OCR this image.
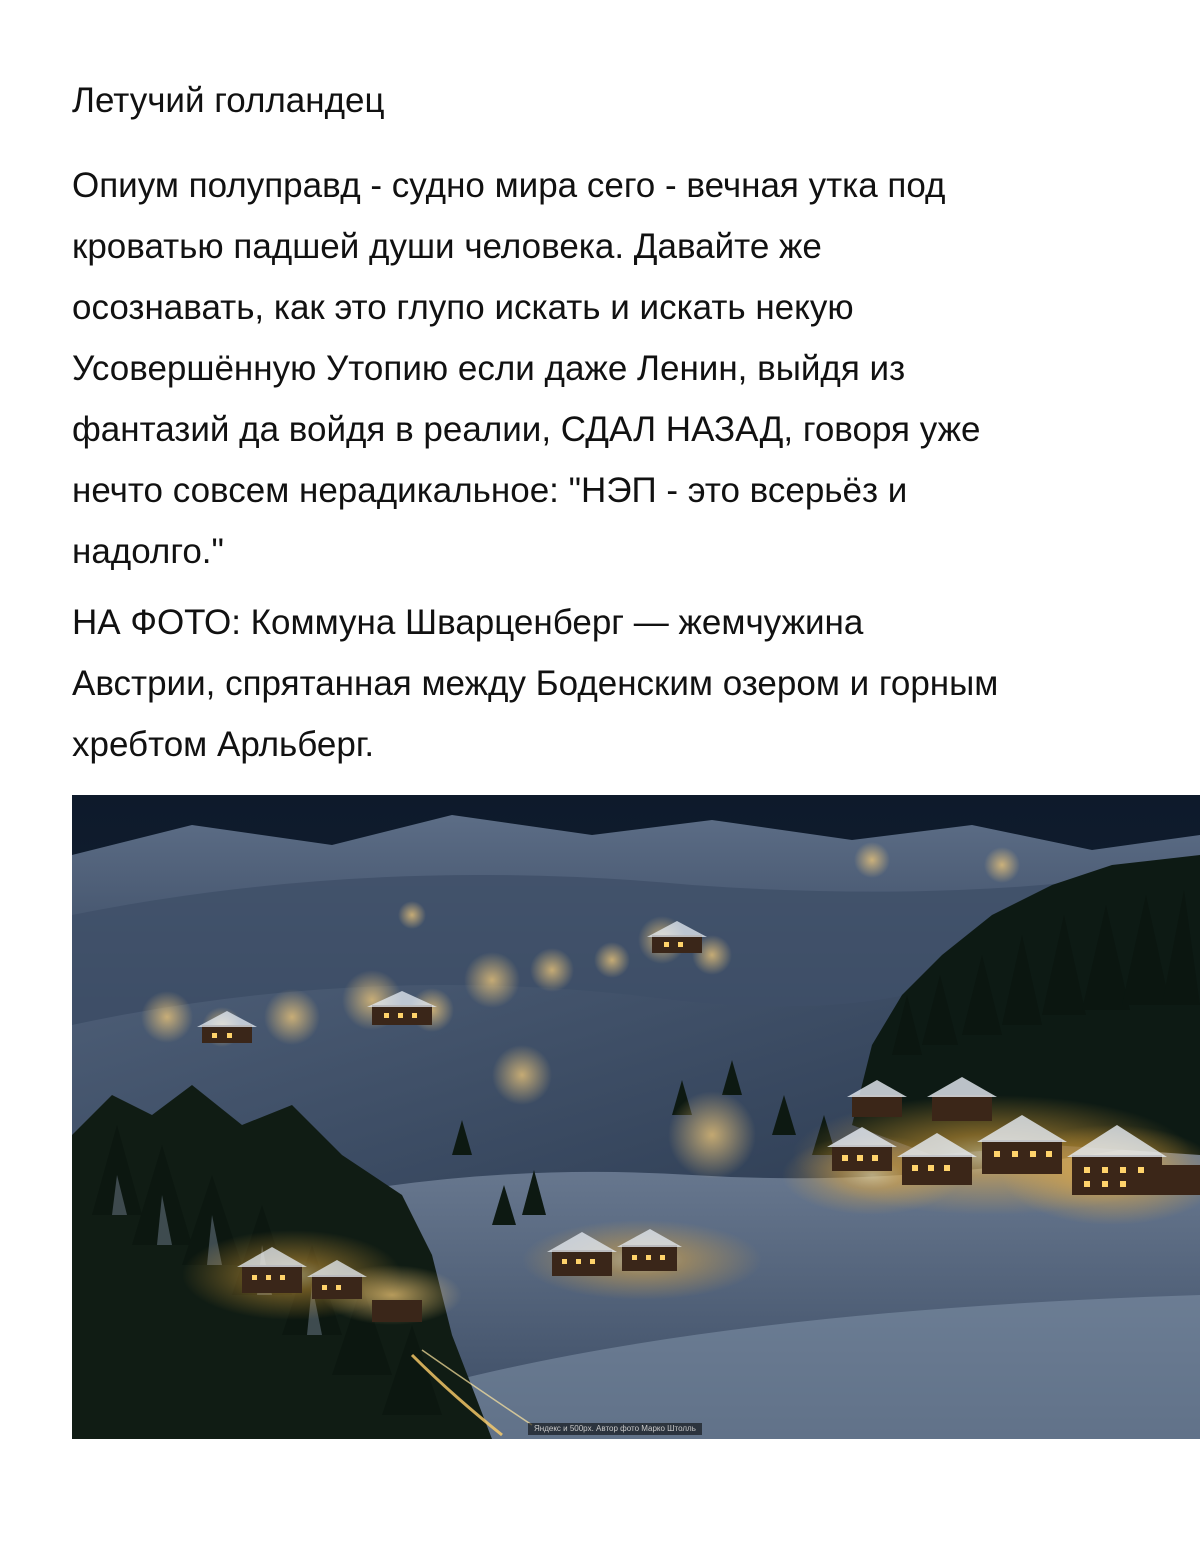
Летучий голландец

Опиум полуправд - судно мира сего - вечная утка под
кроватью падшей души человека. Давайте же
осознавать, как это глупо искать и искать некую
Усовершённую Утопию если даже Ленин, выйдя из
фантазий да войдя в реалии, СДАЛ НАЗАД, говоря уже
нечто совсем нерадикальное: "НЭП - это всерьёз и
надолго."

НА ФОТО: Коммуна Шварценберг — жемчужина
Австрии, спрятанная между Боденским озером и горным
хребтом Арльберг.

Яндекс и 500px. Автор фото Марко Штолль
